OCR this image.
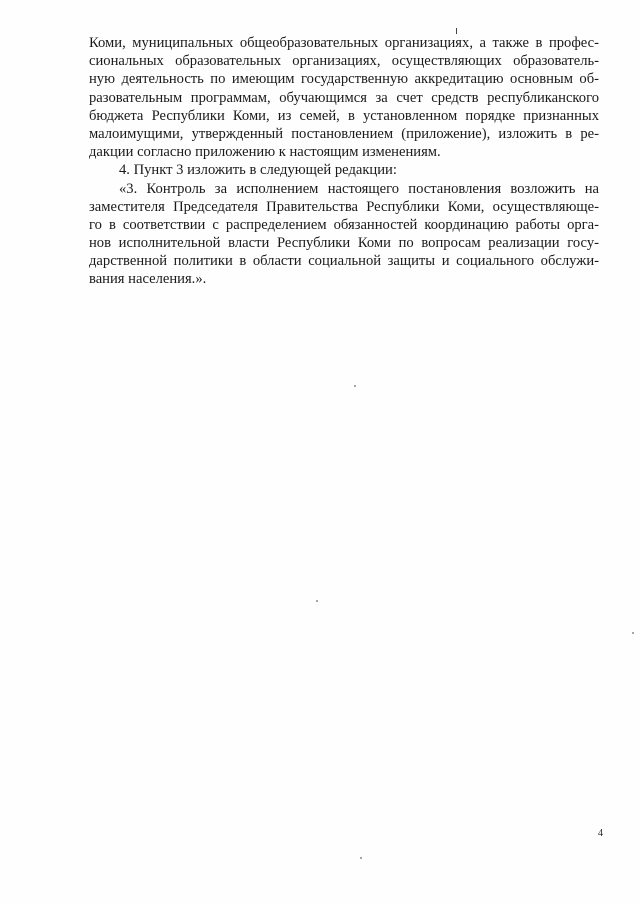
Коми, муниципальных общеобразовательных организациях, а также в профес-
сиональных образовательных организациях, осуществляющих образователь-
ную деятельность по имеющим государственную аккредитацию основным об-
разовательным программам, обучающимся за счет средств республиканского
бюджета Республики Коми, из семей, в установленном порядке признанных
малоимущими, утвержденный постановлением (приложение), изложить в ре-
дакции согласно приложению к настоящим изменениям.
4. Пункт 3 изложить в следующей редакции:
«3. Контроль за исполнением настоящего постановления возложить на
заместителя Председателя Правительства Республики Коми, осуществляюще-
го в соответствии с распределением обязанностей координацию работы орга-
нов исполнительной власти Республики Коми по вопросам реализации госу-
дарственной политики в области социальной защиты и социального обслужи-
вания населения.».
4
